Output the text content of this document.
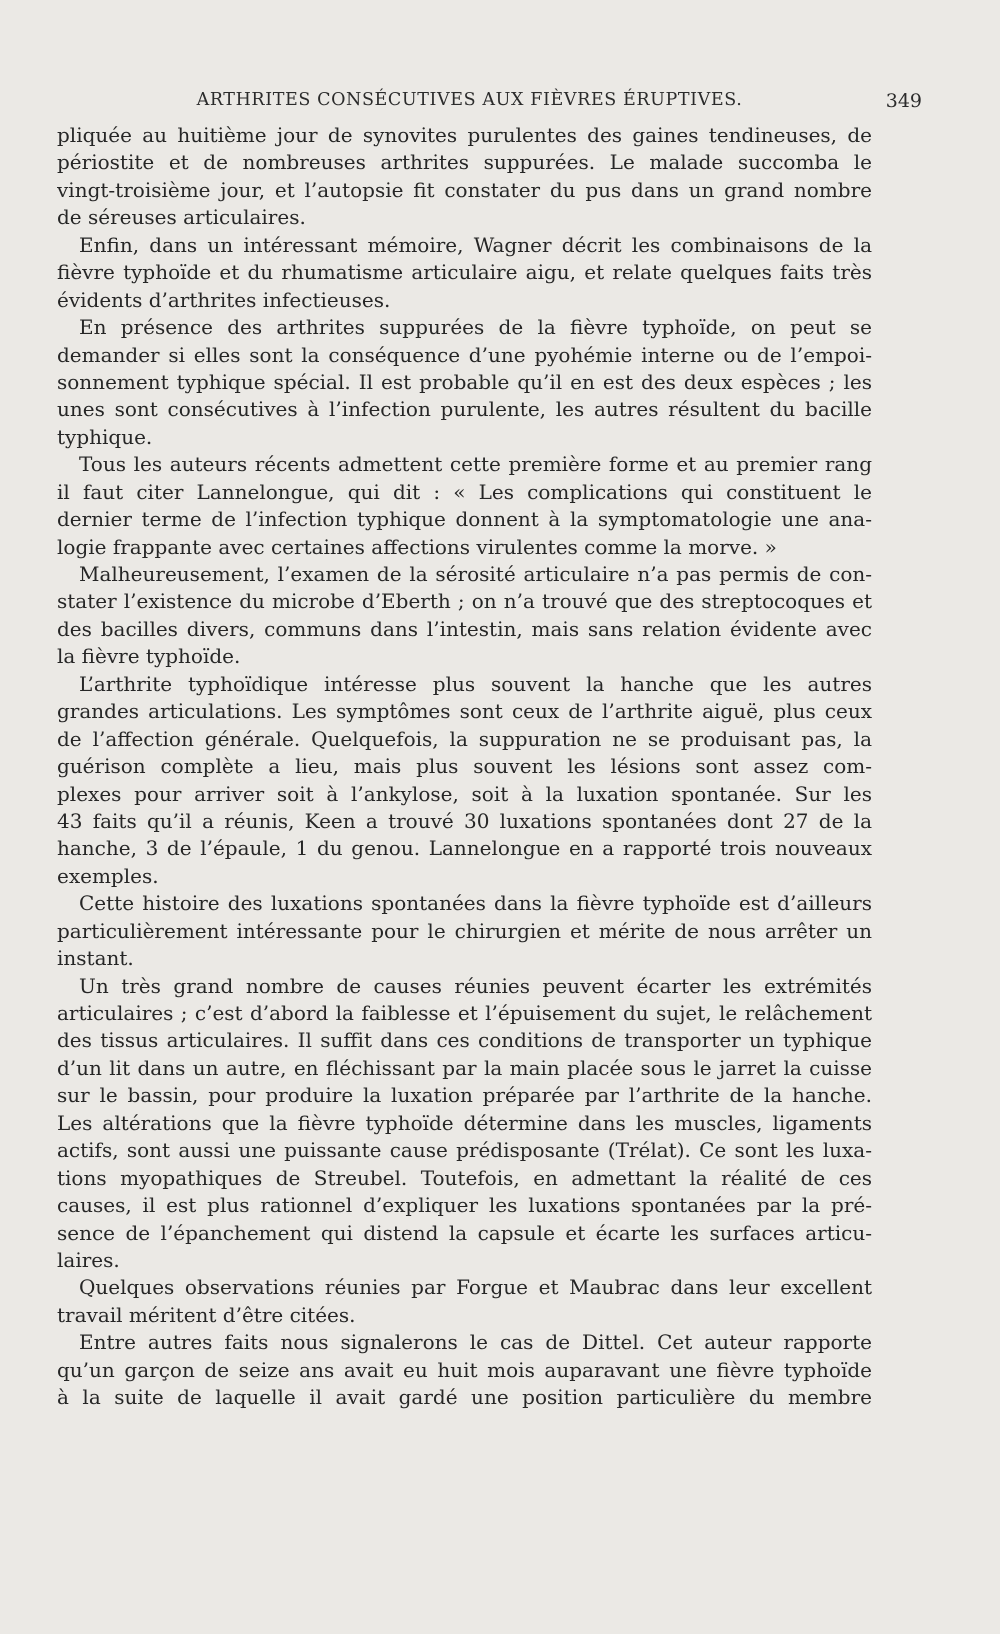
ARTHRITES CONSÉCUTIVES AUX FIÈVRES ÉRUPTIVES.	349
pliquée au huitième jour de synovites purulentes des gaines tendineuses, de
périostite et de nombreuses arthrites suppurées. Le malade succomba le
vingt-troisième jour, et l’autopsie fit constater du pus dans un grand nombre
de séreuses articulaires.
Enfin, dans un intéressant mémoire, Wagner décrit les combinaisons de la
fièvre typhoïde et du rhumatisme articulaire aigu, et relate quelques faits très
évidents d’arthrites infectieuses.
En présence des arthrites suppurées de la fièvre typhoïde, on peut se
demander si elles sont la conséquence d’une pyohémie interne ou de l’empoi-
sonnement typhique spécial. Il est probable qu’il en est des deux espèces ; les
unes sont consécutives à l’infection purulente, les autres résultent du bacille
typhique.
Tous les auteurs récents admettent cette première forme et au premier rang
il faut citer Lannelongue, qui dit : « Les complications qui constituent le
dernier terme de l’infection typhique donnent à la symptomatologie une ana-
logie frappante avec certaines affections virulentes comme la morve. »
Malheureusement, l’examen de la sérosité articulaire n’a pas permis de con-
stater l’existence du microbe d’Eberth ; on n’a trouvé que des streptocoques et
des bacilles divers, communs dans l’intestin, mais sans relation évidente avec
la fièvre typhoïde.
L’arthrite typhoïdique intéresse plus souvent la hanche que les autres
grandes articulations. Les symptômes sont ceux de l’arthrite aiguë, plus ceux
de l’affection générale. Quelquefois, la suppuration ne se produisant pas, la
guérison complète a lieu, mais plus souvent les lésions sont assez com-
plexes pour arriver soit à l’ankylose, soit à la luxation spontanée. Sur les
43 faits qu’il a réunis, Keen a trouvé 30 luxations spontanées dont 27 de la
hanche, 3 de l’épaule, 1 du genou. Lannelongue en a rapporté trois nouveaux
exemples.
Cette histoire des luxations spontanées dans la fièvre typhoïde est d’ailleurs
particulièrement intéressante pour le chirurgien et mérite de nous arrêter un
instant.
Un très grand nombre de causes réunies peuvent écarter les extrémités
articulaires ; c’est d’abord la faiblesse et l’épuisement du sujet, le relâchement
des tissus articulaires. Il suffit dans ces conditions de transporter un typhique
d’un lit dans un autre, en fléchissant par la main placée sous le jarret la cuisse
sur le bassin, pour produire la luxation préparée par l’arthrite de la hanche.
Les altérations que la fièvre typhoïde détermine dans les muscles, ligaments
actifs, sont aussi une puissante cause prédisposante (Trélat). Ce sont les luxa-
tions myopathiques de Streubel. Toutefois, en admettant la réalité de ces
causes, il est plus rationnel d’expliquer les luxations spontanées par la pré-
sence de l’épanchement qui distend la capsule et écarte les surfaces articu-
laires.
Quelques observations réunies par Forgue et Maubrac dans leur excellent
travail méritent d’être citées.
Entre autres faits nous signalerons le cas de Dittel. Cet auteur rapporte
qu’un garçon de seize ans avait eu huit mois auparavant une fièvre typhoïde
à la suite de laquelle il avait gardé une position particulière du membre
